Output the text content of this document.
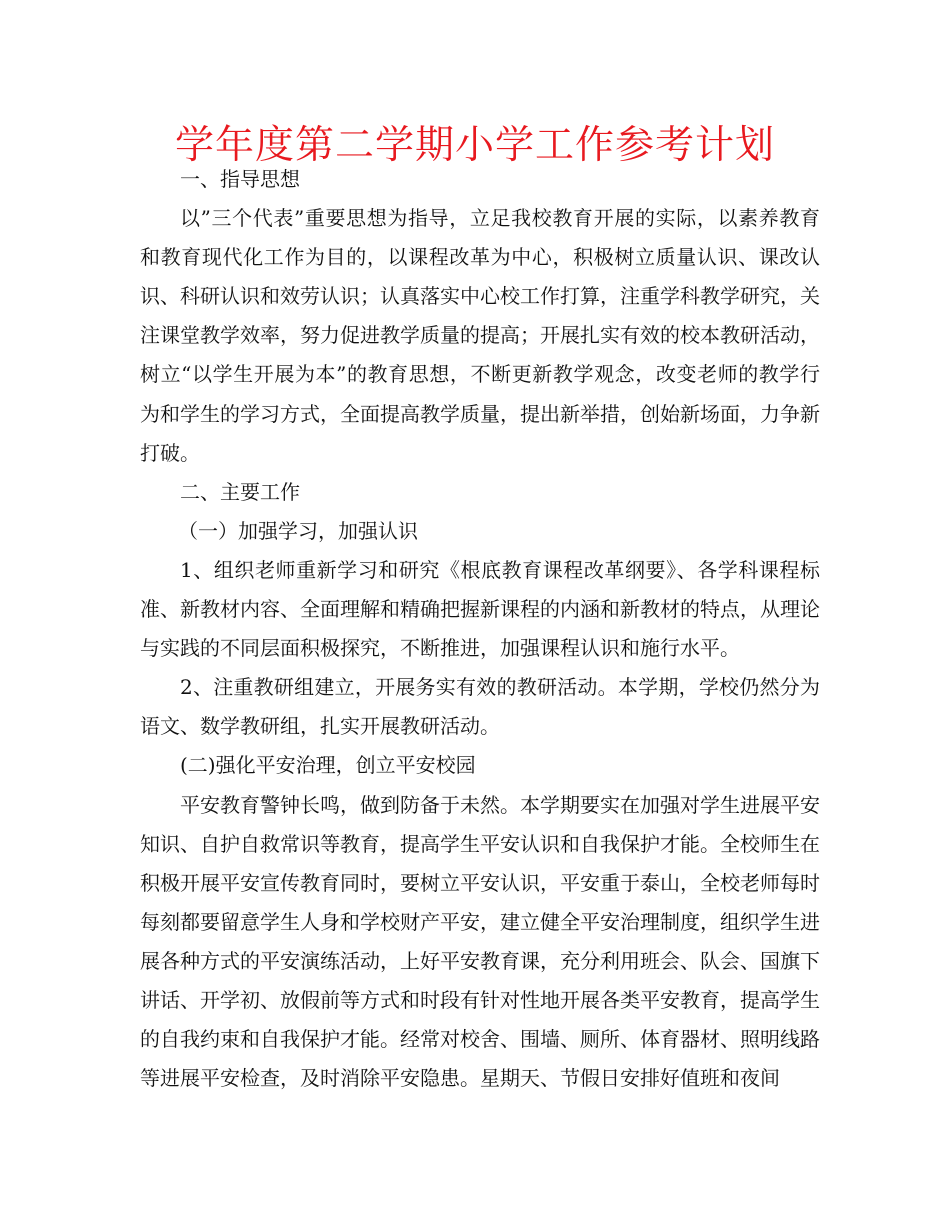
学年度第二学期小学工作参考计划

一、指导思想

以”三个代表”重要思想为指导，立足我校教育开展的实际，以素养教育和教育现代化工作为目的，以课程改革为中心，积极树立质量认识、课改认识、科研认识和效劳认识；认真落实中心校工作打算，注重学科教学研究，关注课堂教学效率，努力促进教学质量的提高；开展扎实有效的校本教研活动，树立“以学生开展为本”的教育思想，不断更新教学观念，改变老师的教学行为和学生的学习方式，全面提高教学质量，提出新举措，创始新场面，力争新打破。

二、主要工作

（一）加强学习，加强认识

1、组织老师重新学习和研究《根底教育课程改革纲要》、各学科课程标准、新教材内容、全面理解和精确把握新课程的内涵和新教材的特点，从理论与实践的不同层面积极探究，不断推进，加强课程认识和施行水平。

2、注重教研组建立，开展务实有效的教研活动。本学期，学校仍然分为语文、数学教研组，扎实开展教研活动。

(二)强化平安治理，创立平安校园

平安教育警钟长鸣，做到防备于未然。本学期要实在加强对学生进展平安知识、自护自救常识等教育，提高学生平安认识和自我保护才能。全校师生在积极开展平安宣传教育同时，要树立平安认识，平安重于泰山，全校老师每时每刻都要留意学生人身和学校财产平安，建立健全平安治理制度，组织学生进展各种方式的平安演练活动，上好平安教育课，充分利用班会、队会、国旗下讲话、开学初、放假前等方式和时段有针对性地开展各类平安教育，提高学生的自我约束和自我保护才能。经常对校舍、围墙、厕所、体育器材、照明线路等进展平安检查，及时消除平安隐患。星期天、节假日安排好值班和夜间
